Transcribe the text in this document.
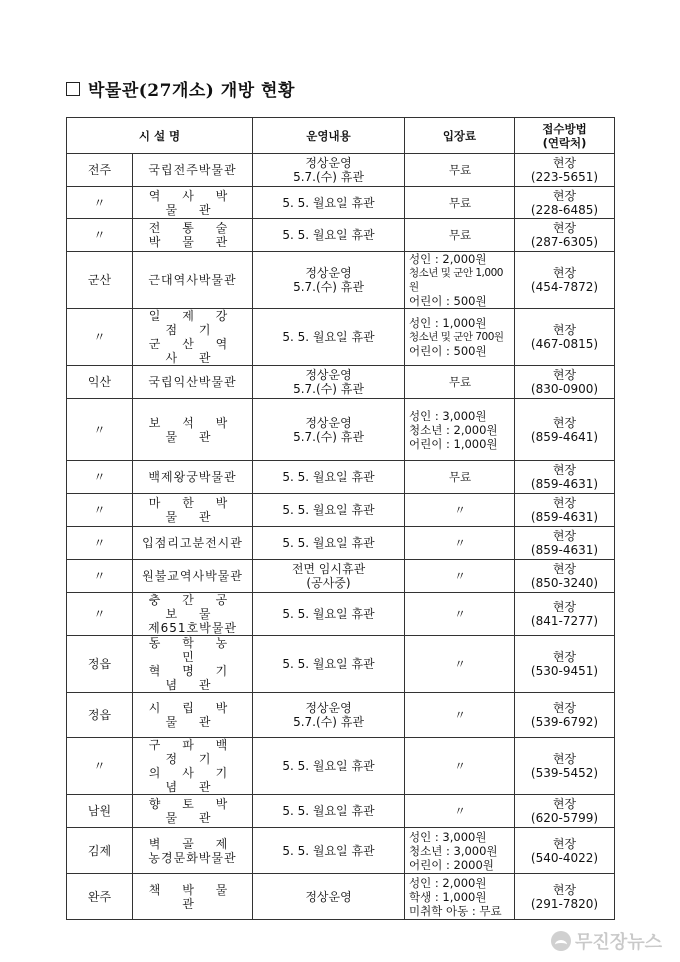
박물관(27개소) 개방 현황
시 설 명		운영내용	입장료	접수방법
(연락처)

전주	국립전주박물관	정상운영
5.7.(수) 휴관	무료	현장
(223-5651)

〃	역 사 박 물 관	5. 5. 월요일 휴관	무료	현장
(228-6485)

〃	전 통 술 박 물 관	5. 5. 월요일 휴관	무료	현장
(287-6305)

군산	근대역사박물관	정상운영
5.7.(수) 휴관	성인 : 2,000원
청소년 및 군안 1,000원
어린이 : 500원	현장
(454-7872)

〃	일 제 강 점 기
군 산 역 사 관	5. 5. 월요일 휴관	성인 : 1,000원
청소년 및 군안 700원
어린이 : 500원	현장
(467-0815)

익산	국립익산박물관	정상운영
5.7.(수) 휴관	무료	현장
(830-0900)

〃	보 석 박 물 관	정상운영
5.7.(수) 휴관	성인 : 3,000원
청소년 : 2,000원
어린이 : 1,000원	현장
(859-4641)

〃	백제왕궁박물관	5. 5. 월요일 휴관	무료	현장
(859-4631)

〃	마 한 박 물 관	5. 5. 월요일 휴관	〃	현장
(859-4631)

〃	입점리고분전시관	5. 5. 월요일 휴관	〃	현장
(859-4631)

〃	원불교역사박물관	전면 임시휴관
(공사중)	〃	현장
(850-3240)

〃	충 간 공 보 물
제651호박물관	5. 5. 월요일 휴관	〃	현장
(841-7277)

정읍	동 학 농 민
혁 명 기 념 관	5. 5. 월요일 휴관	〃	현장
(530-9451)

정읍	시 립 박 물 관	정상운영
5.7.(수) 휴관	〃	현장
(539-6792)

〃	구 파 백 정 기
의 사 기 념 관	5. 5. 월요일 휴관	〃	현장
(539-5452)

남원	향 토 박 물 관	5. 5. 월요일 휴관	〃	현장
(620-5799)

김제	벽 골 제
농경문화박물관	5. 5. 월요일 휴관	성인 : 3,000원
청소년 : 3,000원
어린이 : 2000원	현장
(540-4022)

완주	책 박 물 관	정상운영	성인 : 2,000원
학생 : 1,000원
미취학 아동 : 무료	현장
(291-7820)
무진장뉴스
